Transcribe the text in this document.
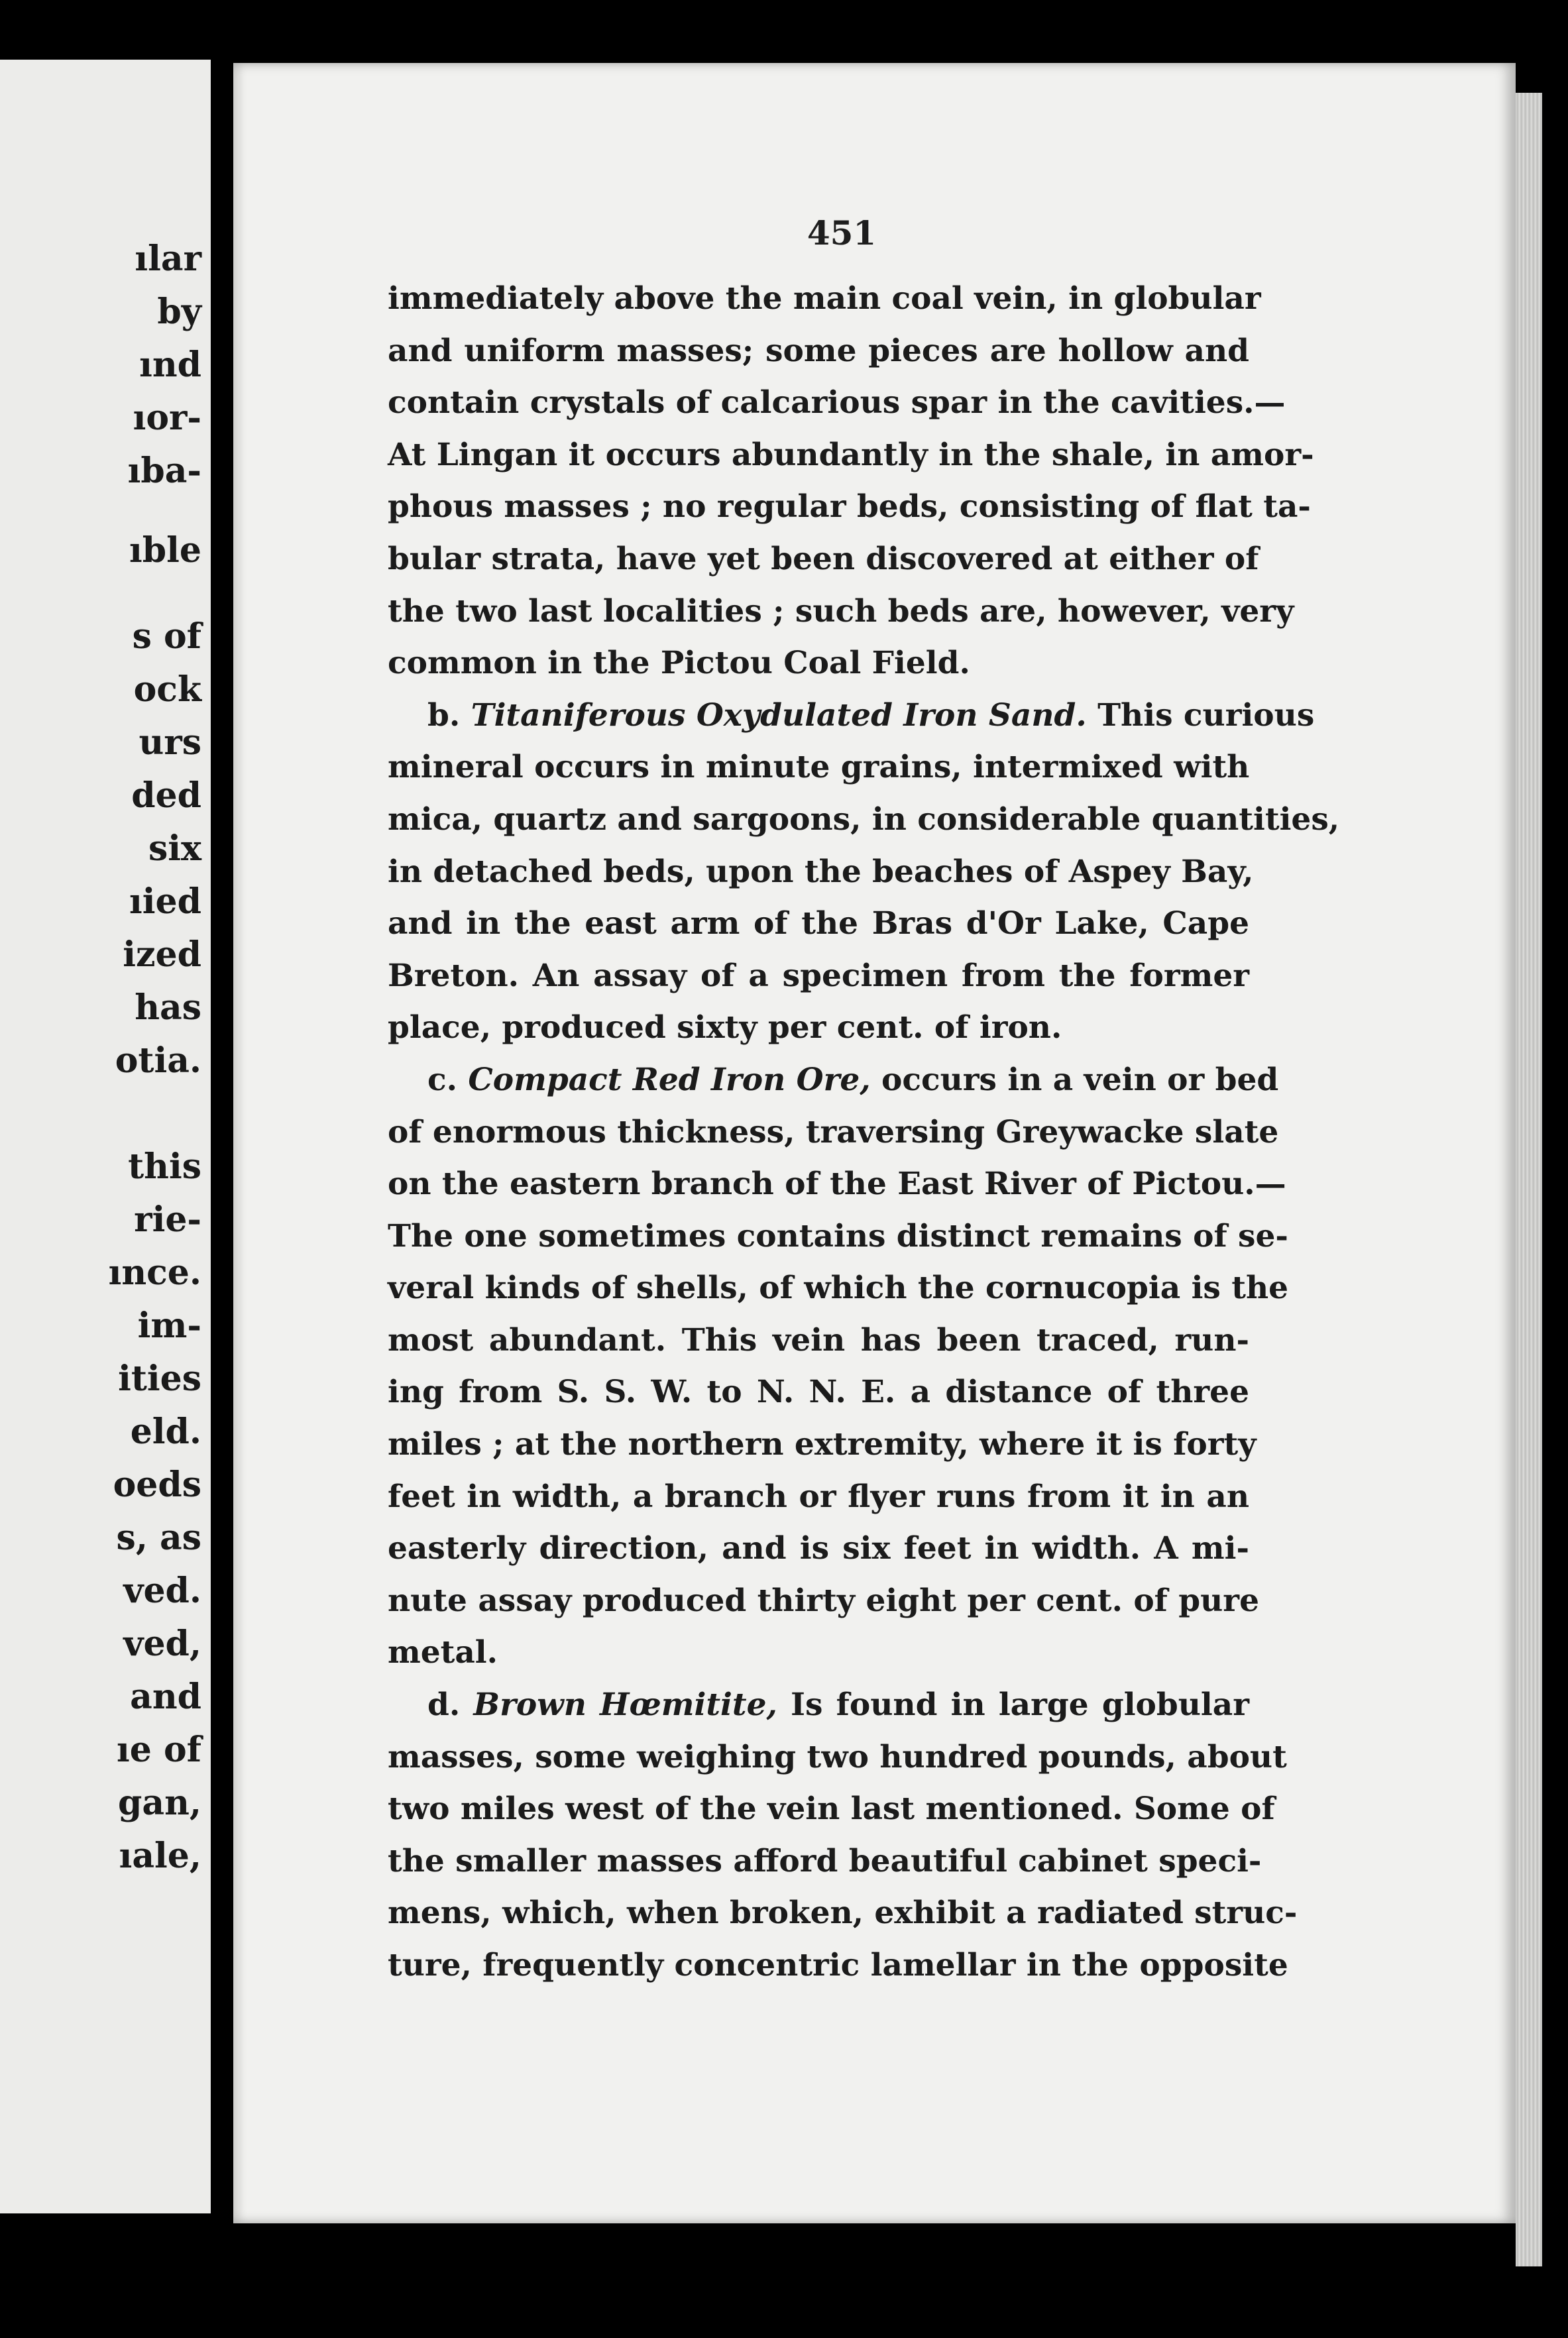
ılar
by
ınd
ıor-
ıba-
ıble
s of
ock
urs
ded
six
ıied
ized
has
otia.
this
rie-
ınce.
im-
ities
eld.
oeds
s, as
ved.
ved,
and
ıe of
gan,
ıale,
451
immediately above the main coal vein, in globular
and uniform masses; some pieces are hollow and
contain crystals of calcarious spar in the cavities.—
At Lingan it occurs abundantly in the shale, in amor-
phous masses ; no regular beds, consisting of flat ta-
bular strata, have yet been discovered at either of
the two last localities ; such beds are, however, very
common in the Pictou Coal Field.
b. Titaniferous Oxydulated Iron Sand. This curious
mineral occurs in minute grains, intermixed with
mica, quartz and sargoons, in considerable quantities,
in detached beds, upon the beaches of Aspey Bay,
and in the east arm of the Bras d'Or Lake, Cape
Breton. An assay of a specimen from the former
place, produced sixty per cent. of iron.
c. Compact Red Iron Ore, occurs in a vein or bed
of enormous thickness, traversing Greywacke slate
on the eastern branch of the East River of Pictou.—
The one sometimes contains distinct remains of se-
veral kinds of shells, of which the cornucopia is the
most abundant. This vein has been traced, run-
ing from S. S. W. to N. N. E. a distance of three
miles ; at the northern extremity, where it is forty
feet in width, a branch or flyer runs from it in an
easterly direction, and is six feet in width. A mi-
nute assay produced thirty eight per cent. of pure
metal.
d. Brown Hœmitite, Is found in large globular
masses, some weighing two hundred pounds, about
two miles west of the vein last mentioned. Some of
the smaller masses afford beautiful cabinet speci-
mens, which, when broken, exhibit a radiated struc-
ture, frequently concentric lamellar in the opposite
